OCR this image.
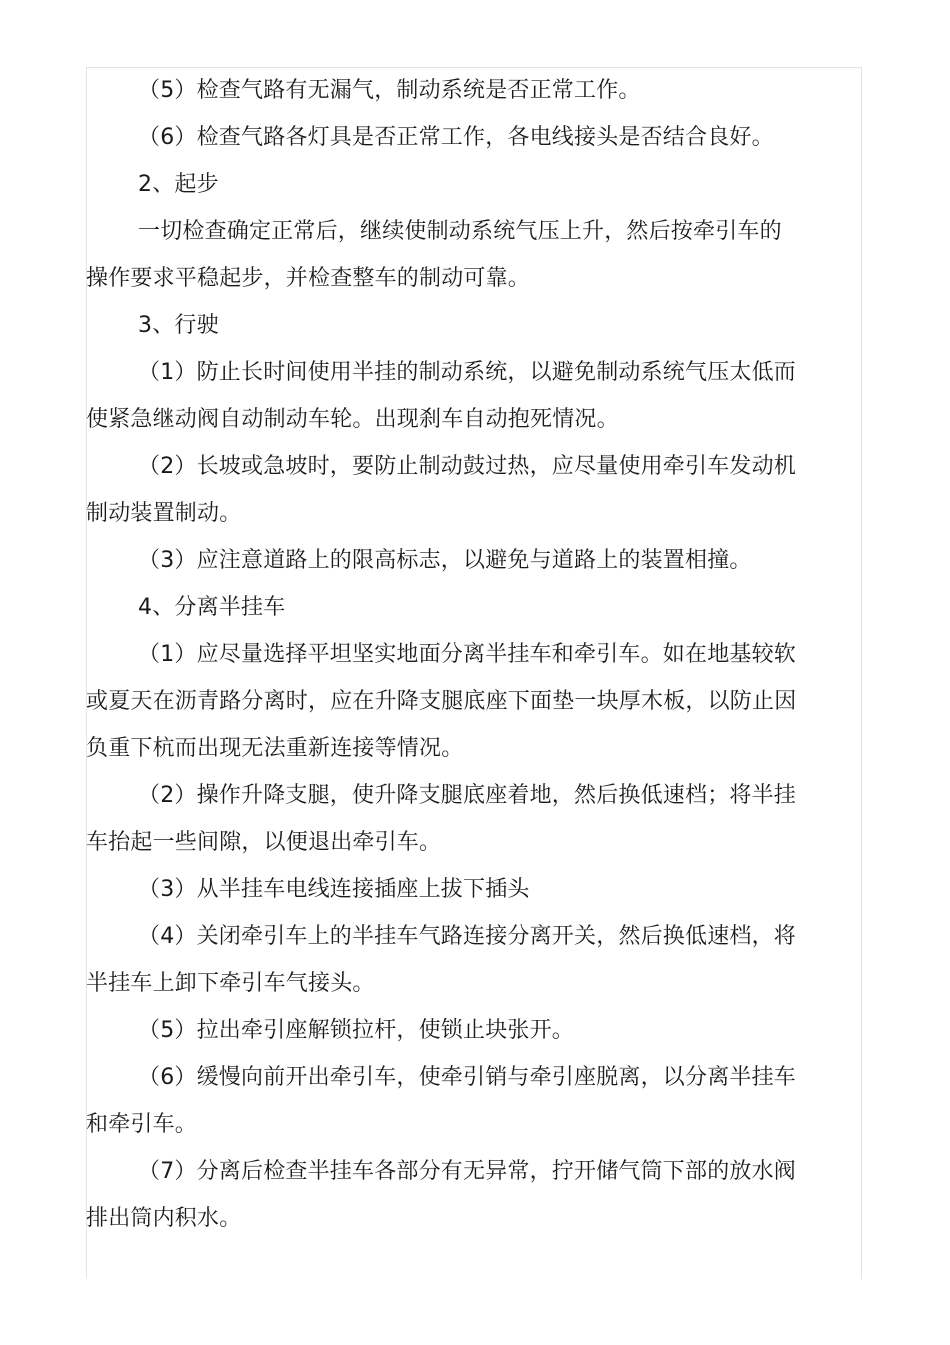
（5）检查气路有无漏气，制动系统是否正常工作。

（6）检查气路各灯具是否正常工作，各电线接头是否结合良好。

2、起步

一切检查确定正常后，继续使制动系统气压上升，然后按牵引车的操作要求平稳起步，并检查整车的制动可靠。

3、行驶

（1）防止长时间使用半挂的制动系统，以避免制动系统气压太低而使紧急继动阀自动制动车轮。出现刹车自动抱死情况。

（2）长坡或急坡时，要防止制动鼓过热，应尽量使用牵引车发动机制动装置制动。

（3）应注意道路上的限高标志，以避免与道路上的装置相撞。

4、分离半挂车

（1）应尽量选择平坦坚实地面分离半挂车和牵引车。如在地基较软或夏天在沥青路分离时，应在升降支腿底座下面垫一块厚木板，以防止因负重下杭而出现无法重新连接等情况。

（2）操作升降支腿，使升降支腿底座着地，然后换低速档；将半挂车抬起一些间隙，以便退出牵引车。

（3）从半挂车电线连接插座上拔下插头

（4）关闭牵引车上的半挂车气路连接分离开关，然后换低速档，将半挂车上卸下牵引车气接头。

（5）拉出牵引座解锁拉杆，使锁止块张开。

（6）缓慢向前开出牵引车，使牵引销与牵引座脱离，以分离半挂车和牵引车。

（7）分离后检查半挂车各部分有无异常，拧开储气筒下部的放水阀排出筒内积水。
